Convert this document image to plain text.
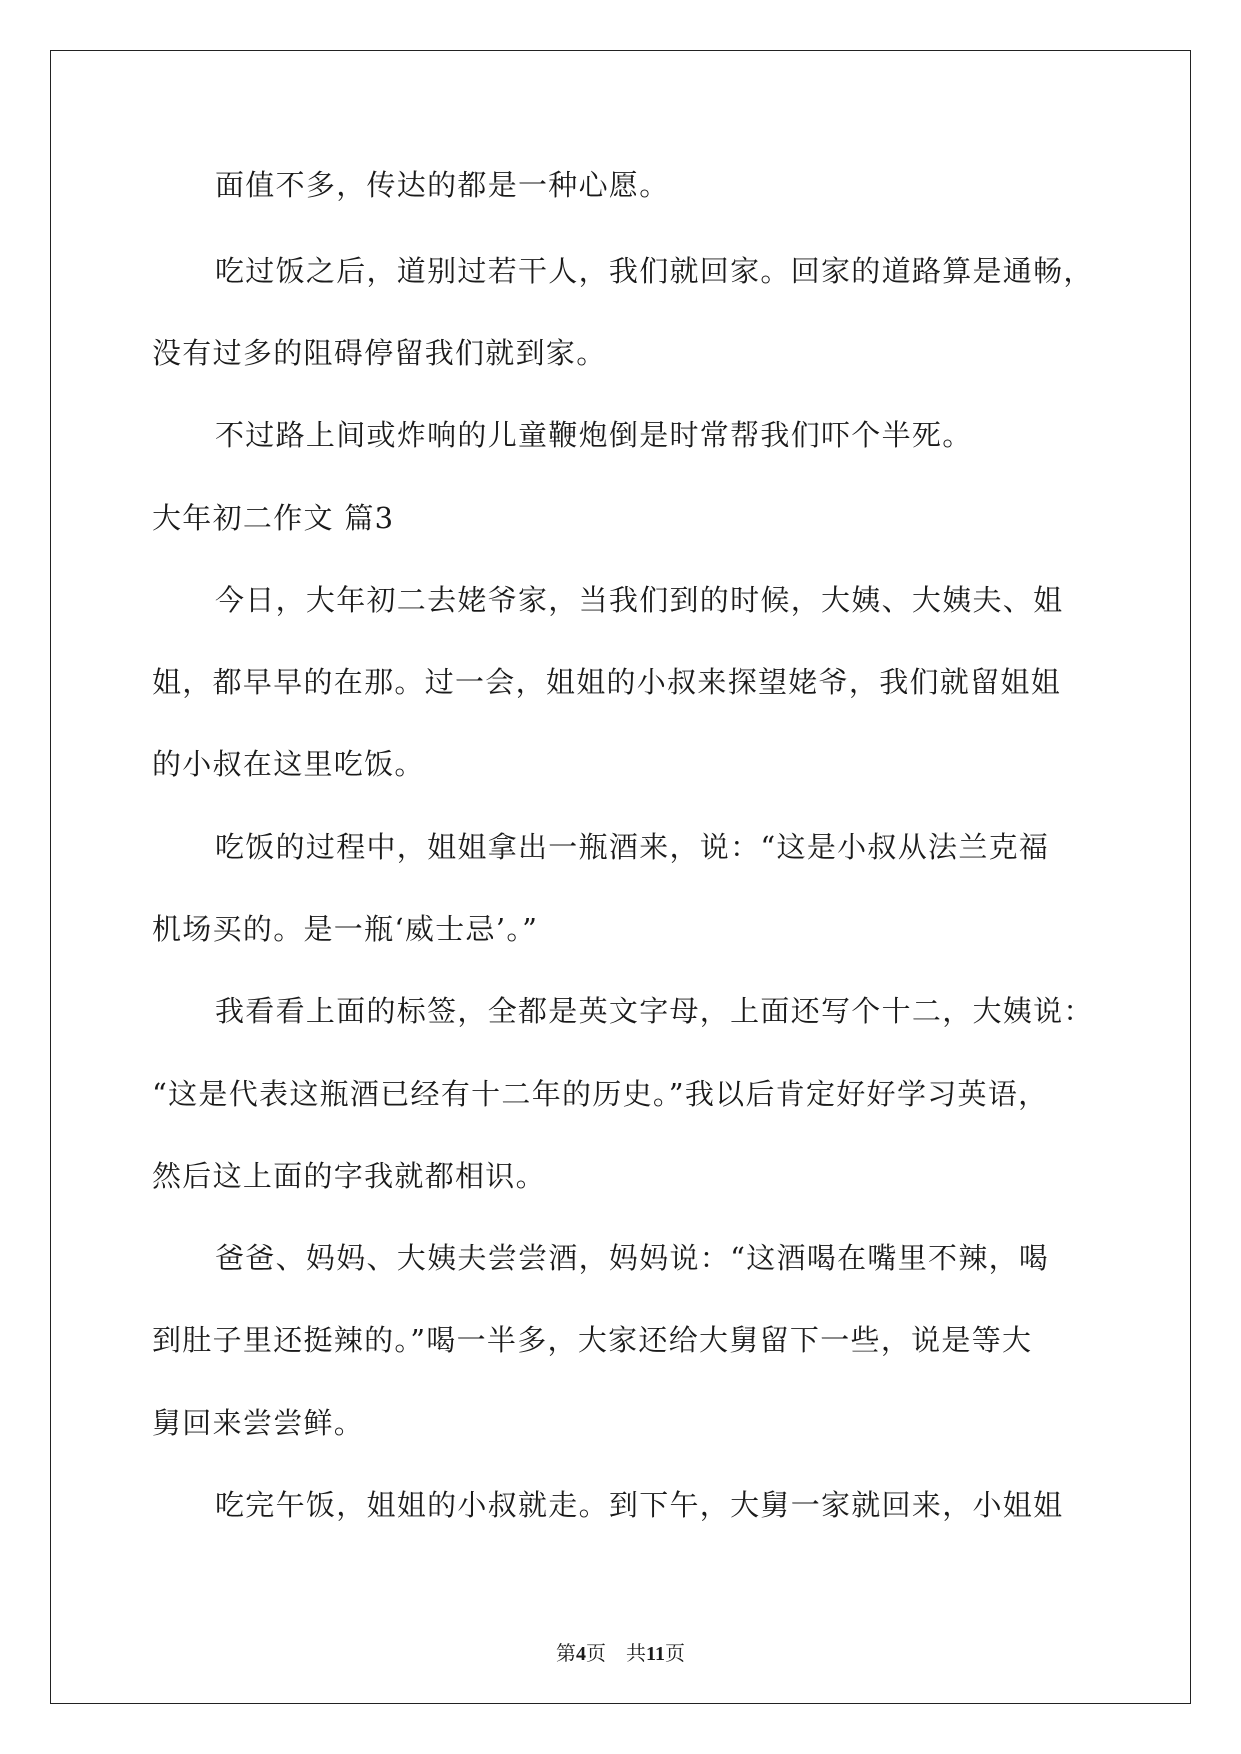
面值不多，传达的都是一种心愿。
吃过饭之后，道别过若干人，我们就回家。回家的道路算是通畅，
没有过多的阻碍停留我们就到家。
不过路上间或炸响的儿童鞭炮倒是时常帮我们吓个半死。
大年初二作文 篇3
今日，大年初二去姥爷家，当我们到的时候，大姨、大姨夫、姐
姐，都早早的在那。过一会，姐姐的小叔来探望姥爷，我们就留姐姐
的小叔在这里吃饭。
吃饭的过程中，姐姐拿出一瓶酒来，说：“这是小叔从法兰克福
机场买的。是一瓶‘威士忌’。”
我看看上面的标签，全都是英文字母，上面还写个十二，大姨说：
“这是代表这瓶酒已经有十二年的历史。”我以后肯定好好学习英语，
然后这上面的字我就都相识。
爸爸、妈妈、大姨夫尝尝酒，妈妈说：“这酒喝在嘴里不辣，喝
到肚子里还挺辣的。”喝一半多，大家还给大舅留下一些，说是等大
舅回来尝尝鲜。
吃完午饭，姐姐的小叔就走。到下午，大舅一家就回来，小姐姐
第4页 共11页
